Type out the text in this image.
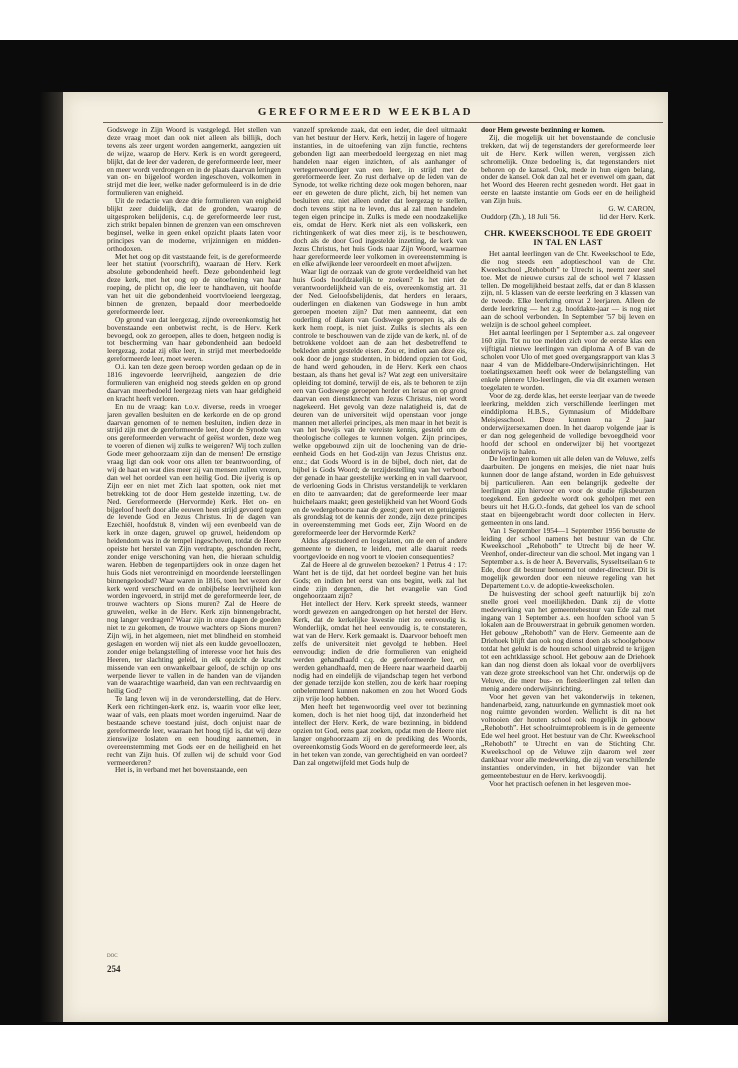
GEREFORMEERD WEEKBLAD

Godswege in Zijn Woord is vastgelegd. Het stellen van deze vraag moet dan ook niet alleen als billijk, doch tevens als zeer urgent worden aangemerkt, aangezien uit de wijze, waarop de Herv. Kerk is en wordt geregeerd, blijkt, dat de leer der vaderen, de gereformeerde leer, meer en meer wordt verdrongen en in de plaats daarvan leringen van on- en bijgeloof worden ingeschoven, volkomen in strijd met die leer, welke nader geformuleerd is in de drie formulieren van enigheid.

Uit de redactie van deze drie formulieren van enigheid blijkt zeer duidelijk, dat de gronden, waarop de uitgesproken belijdenis, c.q. de gereformeerde leer rust, zich strikt bepalen binnen de grenzen van een omschreven beginsel, welke in geen enkel opzicht plaats laten voor principes van de moderne, vrijzinnigen en midden-orthodoxen.

Met het oog op dit vaststaande feit, is de gereformeerde leer het statuut (voorschrift), waaraan de Herv. Kerk absolute gebondenheid heeft. Deze gebondenheid legt deze kerk, met het oog op de uitoefening van haar roeping, de plicht op, die leer te handhaven, uit hoofde van het uit die gebondenheid voortvloeiend leergezag, binnen de grenzen, bepaald door meerbedoelde gereformeerde leer.

Op grond van dat leergezag, zijnde overeenkomstig het bovenstaande een onbetwist recht, is de Herv. Kerk bevoegd, ook zo geroepen, alles te doen, hetgeen nodig is tot bescherming van haar gebondenheid aan bedoeld leergezag, zodat zij elke leer, in strijd met meerbedoelde gereformeerde leer, moet weren.

O.i. kan ten deze geen beroep worden gedaan op de in 1816 ingevoerde leervrijheid, aangezien de drie formulieren van enigheid nog steeds gelden en op grond daarvan meerbedoeld leergezag niets van haar geldigheid en kracht heeft verloren.

En nu de vraag: kan t.o.v. diverse, reeds in vroeger jaren gevallen besluiten en de kerkorde en de op grond daarvan genomen of te nemen besluiten, indien deze in strijd zijn met de gereformeerde leer, door de Synode van ons gereformeerden verwacht of geëist worden, deze weg te voeren of dienen wij zulks te weigeren? Wij toch zullen Gode meer gehoorzaam zijn dan de mensen! De ernstige vraag ligt dan ook voor ons allen ter beantwoording, of wij de haat en wat dies meer zij van mensen zullen vrezen, dan wel het oordeel van een heilig God. Die ijverig is op Zijn eer en niet met Zich laat spotten, ook niet met betrekking tot de door Hem gestelde inzetting, t.w. de Ned. Gereformeerde (Hervormde) Kerk. Het on- en bijgeloof heeft door alle eeuwen heen strijd gevoerd tegen de levende God en Jezus Christus. In de dagen van Ezechiël, hoofdstuk 8, vinden wij een evenbeeld van de kerk in onze dagen, gruwel op gruwel, heidendom op heidendom was in de tempel ingeschoven, totdat de Heere opeiste het herstel van Zijn verdrapte, geschonden recht, zonder enige verschoning van hen, die hieraan schuldig waren. Hebben de tegenpartijders ook in onze dagen het huis Gods niet verontreinigd en moordende leerstellingen binnengeloodsd? Waar waren in 1816, toen het wezen der kerk werd verscheurd en de onbijbelse leervrijheid kon worden ingevoerd, in strijd met de gereformeerde leer, de trouwe wachters op Sions muren? Zal de Heere de gruwelen, welke in de Herv. Kerk zijn binnengebracht, nog langer verdragen? Waar zijn in onze dagen de goeden niet te zu gekomen, de trouwe wachters op Sions muren? Zijn wij, in het algemeen, niet met blindheid en stomheid geslagen en worden wij niet als een kudde gevoelloozen, zonder enige belangstelling of interesse voor het huis des Heeren, ter slachting geleid, in elk opzicht de kracht missende van een onwankelbaar geloof, de schijn op ons werpende liever te vallen in de handen van de vijanden van de waarachtige waarheid, dan van een rechtvaardig en heilig God?

Te lang leven wij in de veronderstelling, dat de Herv. Kerk een richtingen-kerk enz. is, waarin voor elke leer, waar of vals, een plaats moet worden ingeruimd. Naar de bestaande scheve toestand juist, doch onjuist naar de gereformeerde leer, waaraan het hoog tijd is, dat wij deze zienswijze loslaten en een houding aannemen, in overeenstemming met Gods eer en de heiligheid en het recht van Zijn huis. Of zullen wij de schuld voor God vermeerderen?

Het is, in verband met het bovenstaande, een

vanzelf sprekende zaak, dat een ieder, die deel uitmaakt van het bestuur der Herv. Kerk, hetzij in lagere of hogere instanties, in de uitoefening van zijn functie, rechtens gebonden ligt aan meerbedoeld leergezag en niet mag handelen naar eigen inzichten, of als aanhanger of vertegenwoordiger van een leer, in strijd met de gereformeerde leer. Zo rust derhalve op de leden van de Synode, tot welke richting deze ook mogen behoren, naar eer en geweten de dure plicht, zich, bij het nemen van besluiten enz. niet alleen onder dat leergezag te stellen, doch tevens stipt na te leven, dus al zal men handelen tegen eigen principe in. Zulks is mede een noodzakelijke eis, omdat de Herv. Kerk niet als een volkskerk, een richtingenkerk of wat dies meer zij, is te beschouwen, doch als de door God ingestelde inzetting, de kerk van Jezus Christus, het huis Gods naar Zijn Woord, waarmee haar gereformeerde leer volkomen in overeenstemming is en elke afwijkende leer veroordeelt en moet afwijzen.

Waar ligt de oorzaak van de grote verdeeldheid van het huis Gods hoofdzakelijk te zoeken? Is het niet de verantwoordelijkheid van de eis, overeenkomstig art. 31 der Ned. Geloofsbelijdenis, dat herders en leraars, ouderlingen en diakenen van Godswege in hun ambt geroepen moeten zijn? Dat men aanneemt, dat een ouderling of diaken van Godswege geroepen is, als de kerk hem roept, is niet juist. Zulks is slechts als een controle te beschouwen van de zijde van de kerk, nl. of de betrokkene voldoet aan de aan het desbetreffend te bekleden ambt gestelde eisen. Zou er, indien aan deze eis, ook door de jonge studenten, in biddend opzien tot God, de hand werd gehouden, in de Herv. Kerk een chaos bestaan, als thans het geval is? Wat zegt een universitaire opleiding tot dominé, terwijl de eis, als te behoren te zijn een van Godswege geroepen herder en leraar en op grond daarvan een dienstknecht van Jezus Christus, niet wordt nagekeerd. Het gevolg van deze nalatigheid is, dat de deuren van de universiteit wijd openstaan voor jonge mannen met allerlei principes, als men maar in het bezit is van het bewijs van de vereiste kennis, gesteld om de theologische colleges te kunnen volgen. Zijn principes, welke opgebouwd zijn uit de loochening van de drie-eenheid Gods en het God-zijn van Jezus Christus enz. enz.; dat Gods Woord is in de bijbel, doch niet, dat de bijbel is Gods Woord; de terzijdestelling van het verbond der genade in haar geestelijke werking en in vall daarvoor, de verloening Gods in Christus verstandelijk te verklaren en dito te aanvaarden; dat de gereformeerde leer maar huichelaars maakt; geen gestelijkheid van het Woord Gods en de wedergeboorte naar de geest; geen wet en getuigenis als grondslag tot de kennis der zonde, zijn deze principes in overeenstemming met Gods eer, Zijn Woord en de gereformeerde leer der Hervormde Kerk?

Aldus afgestudeerd en losgelaten, om de een of andere gemeente te dienen, te leiden, met alle daaruit reeds voortgevloeide en nog voort te vloeien consequenties?

Zal de Heere al de gruwelen bezoeken? 1 Petrus 4 : 17: Want het is de tijd, dat het oordeel begine van het huis Gods; en indien het eerst van ons begint, welk zal het einde zijn dergenen, die het evangelie van God ongehoorzaam zijn?

Het intellect der Herv. Kerk spreekt steeds, wanneer wordt gewezen en aangedrongen op het herstel der Herv. Kerk, dat de kerkelijke kwestie niet zo eenvoudig is. Wonderlijk, omdat het heel eenvoudig is, te constateren, wat van de Herv. Kerk gemaakt is. Daarvoor behoeft men zelfs de universiteit niet gevolgd te hebben. Heel eenvoudig: indien de drie formulieren van enigheid werden gehandhaafd c.q. de gereformeerde leer, en werden gehandhaafd, men de Heere naar waarheid daarbij nodig had en eindelijk de vijandschap tegen het verbond der genade terzijde kon stellen, zou de kerk haar roeping onbelemmerd kunnen nakomen en zou het Woord Gods zijn vrije loop hebben.

Men heeft het tegenwoordig veel over tot bezinning komen, doch is het niet hoog tijd, dat inzonderheid het intellect der Herv. Kerk, de ware bezinning, in biddend opzien tot God, eens gaat zoeken, opdat men de Heere niet langer ongehoorzaam zij en de prediking des Woords, overeenkomstig Gods Woord en de gereformeerde leer, als in het teken van zonde, van gerechtigheid en van oordeel? Dan zal ongetwijfeld met Gods hulp de

door Hem geweste bezinning er komen.

Zij, die mogelijk uit het bovenstaande de conclusie trekken, dat wij de tegenstanders der gereformeerde leer uit de Herv. Kerk willen weren, vergissen zich schromelijk. Onze bedoeling is, dat tegenstanders niet behoren op de kansel. Ook, mede in hun eigen belang, onder de kansel. Ook dan zal het er evenwel om gaan, dat het Woord des Heeren recht gesneden wordt. Het gaat in eerste en laatste instantie om Gods eer en de heiligheid van Zijn huis.

G. W. CARON,
Ouddorp (Zh.), 18 Juli '56.	lid der Herv. Kerk.
CHR. KWEEKSCHOOL TE EDE GROEIT IN TAL EN LAST

Het aantal leerlingen van de Chr. Kweekschool te Ede, die nog steeds een adoptieschool van de Chr. Kweekschool „Rehoboth” te Utrecht is, neemt zeer snel toe. Met de nieuwe cursus zal de school wel 7 klassen tellen. De mogelijkheid bestaat zelfs, dat er dan 8 klassen zijn, nl. 5 klassen van de eerste leerkring en 3 klassen van de tweede. Elke leerkring omvat 2 leerjaren. Alleen de derde leerkring — het z.g. hoofdakte-jaar — is nog niet aan de school verbonden. In September '57 bij leven en welzijn is de school geheel compleet.

Het aantal leerlingen per 1 September a.s. zal ongeveer 160 zijn. Tot nu toe melden zich voor de eerste klas een vijftigtal nieuwe leerlingen van diploma A of B van de scholen voor Ulo of met goed overgangsrapport van klas 3 naar 4 van de Middelbare-Onderwijsinrichtingen. Het toelatingsexamen heeft ook weer de belangstelling van enkele plenere Ulo-leerlingen, die via dit examen wensen toegelaten te worden.

Voor de zg. derde klas, het eerste leerjaar van de tweede leerkring, meldden zich verschillende leerlingen met einddiploma H.B.S., Gymnasium of Middelbare Meisjesschool. Deze kunnen na 2 jaar onderwijzersexamen doen. In het daarop volgende jaar is er dan nog gelegenheid de volledige bevoegdheid voor hoofd der school en onderwijzer bij het voortgezet onderwijs te halen.

De leerlingen komen uit alle delen van de Veluwe, zelfs daarbuiten. De jongens en meisjes, die niet naar huis kunnen door de lange afstand, worden in Ede gehuisvest bij particulieren. Aan een belangrijk gedeelte der leerlingen zijn hiervoor en voor de studie rijksbeurzen toegekend. Een gedeelte wordt ook geholpen met een beurs uit het H.G.O.-fonds, dat geheel los van de school staat en bijeengebracht wordt door collecten in Herv. gemeenten in ons land.

Van 1 September 1954—1 September 1956 berustte de leiding der school namens het bestuur van de Chr. Kweekschool „Rehoboth” te Utrecht bij de heer W. Veenhof, onder-directeur van die school. Met ingang van 1 September a.s. is de heer A. Bevervalis, Sysseltseilaan 6 te Ede, door dit bestuur benoemd tot onder-directeur. Dit is mogelijk geworden door een nieuwe regeling van het Departement t.o.v. de adoptie-kweekscholen.

De huisvesting der school geeft natuurlijk bij zo'n snelle groei veel moeilijkheden. Dank zij de vlotte medewerking van het gemeentebestuur van Ede zal met ingang van 1 September a.s. een hoofden school van 5 lokalen aan de Brouwerstraat in gebruik genomen worden. Het gebouw „Rehoboth” van de Herv. Gemeente aan de Driehoek blijft dan ook nog dienst doen als schoolgebouw totdat het gelukt is de houten school uitgebreid te krijgen tot een achtklassige school. Het gebouw aan de Driehoek kan dan nog dienst doen als lokaal voor de overblijvers van deze grote streekschool van het Chr. onderwijs op de Veluwe, die meer bus- en fietsleerlingen zal tellen dan menig andere onderwijsinrichting.

Voor het geven van het vakonderwijs in tekenen, handenarbeid, zang, natuurkunde en gymnastiek moet ook nog ruimte gevonden worden. Wellicht is dit na het voltooien der houten school ook mogelijk in gebouw „Rehoboth”. Het schoolruimteprobleem is in de gemeente Ede wel heel groot. Het bestuur van de Chr. Kweekschool „Rehoboth” te Utrecht en van de Stichting Chr. Kweekschool op de Veluwe zijn daarom wel zeer dankbaar voor alle medewerking, die zij van verschillende instanties ondervinden, in het bijzonder van het gemeentebestuur en de Herv. kerkvoogdij.

Voor het practisch oefenen in het lesgeven moe-

DOC
254
